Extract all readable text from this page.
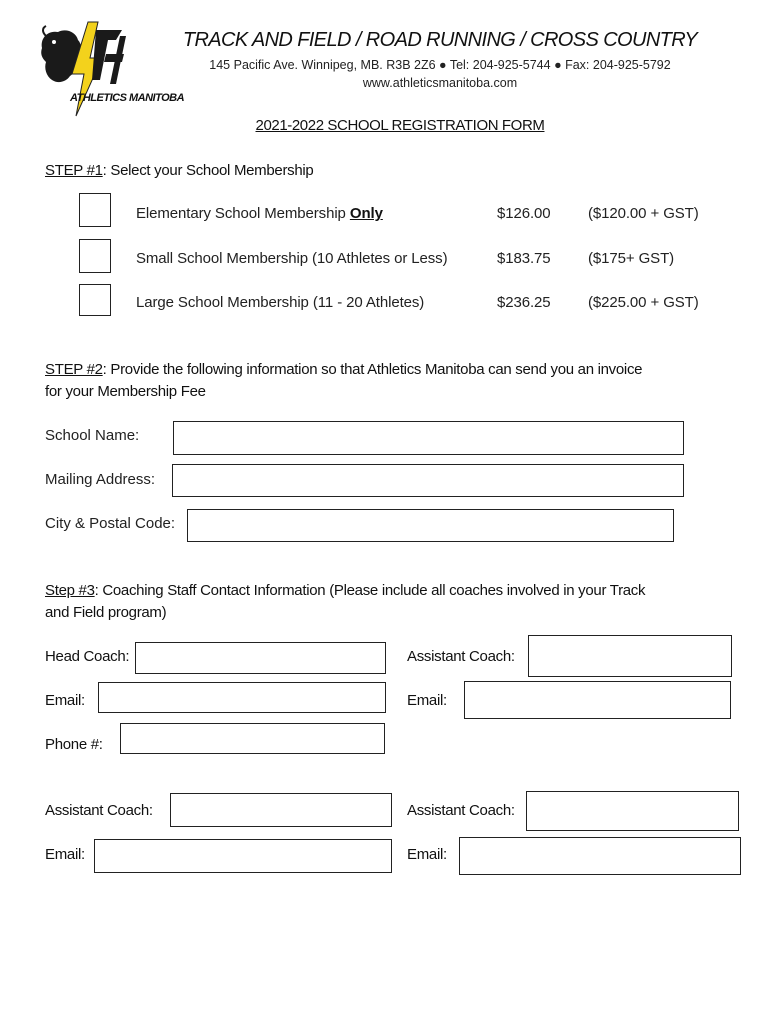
ATHLETICS MANITOBA
TRACK AND FIELD / ROAD RUNNING / CROSS COUNTRY
145 Pacific Ave. Winnipeg, MB. R3B 2Z6 ● Tel: 204-925-5744 ● Fax: 204-925-5792
www.athleticsmanitoba.com
2021-2022 SCHOOL REGISTRATION FORM
STEP #1: Select your School Membership
Elementary School Membership Only	$126.00 ($120.00 + GST)
Small School Membership (10 Athletes or Less)	$183.75 ($175+ GST)
Large School Membership (11 - 20 Athletes)	$236.25 ($225.00 + GST)
STEP #2: Provide the following information so that Athletics Manitoba can send you an invoice
for your Membership Fee
School Name:
Mailing Address:
City & Postal Code:
Step #3: Coaching Staff Contact Information (Please include all coaches involved in your Track
and Field program)
Head Coach:	Assistant Coach:
Email:	Email:
Phone #:
Assistant Coach:	Assistant Coach:
Email:	Email:
